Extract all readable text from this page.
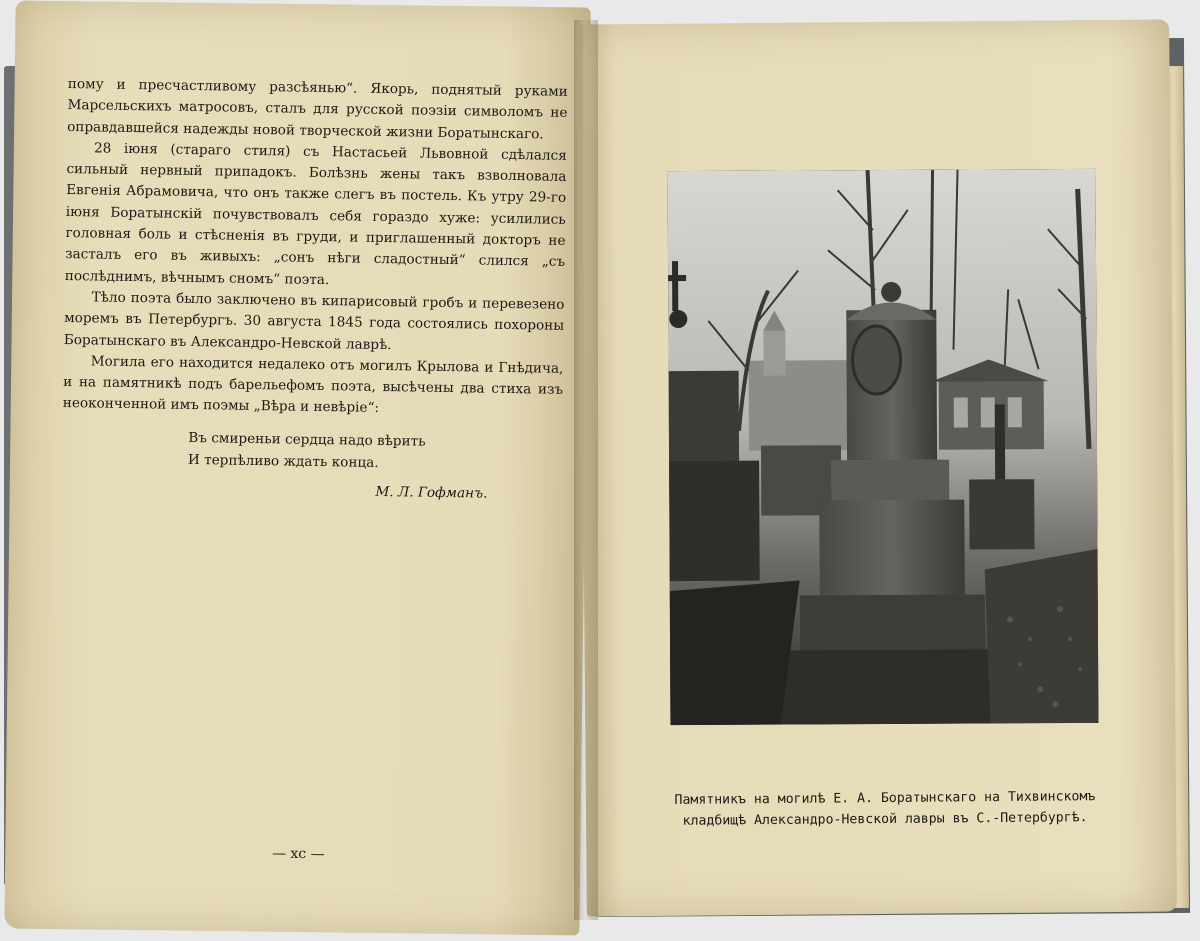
пому и пресчастливому разсѣянью“. Якорь, поднятый руками Марсельскихъ матросовъ, сталъ для русской поэзіи символомъ не оправдавшейся надежды новой творческой жизни Боратынскаго.

28 іюня (стараго стиля) съ Настасьей Львовной сдѣлался сильный нервный припадокъ. Болѣзнь жены такъ взволновала Евгенія Абрамовича, что онъ также слегъ въ постель. Къ утру 29-го іюня Боратынскій почувствовалъ себя гораздо хуже: усилились головная боль и стѣсненія въ груди, и приглашенный докторъ не засталъ его въ живыхъ: „сонъ нѣги сладостный“ слился „съ послѣднимъ, вѣчнымъ сномъ“ поэта.

Тѣло поэта было заключено въ кипарисовый гробъ и перевезено моремъ въ Петербургъ. 30 августа 1845 года состоялись похороны Боратынскаго въ Александро-Невской лаврѣ.

Могила его находится недалеко отъ могилъ Крылова и Гнѣдича, и на памятникѣ подъ барельефомъ поэта, высѣчены два стиха изъ неоконченной имъ поэмы „Вѣра и невѣріе“:

Въ смиреньи сердца надо вѣрить
И терпѣливо ждать конца.
М. Л. Гофманъ.
— хс —
Памятникъ на могилѣ Е. А. Боратынскаго на Тихвинскомъ
кладбищѣ Александро-Невской лавры въ С.-Петербургѣ.
